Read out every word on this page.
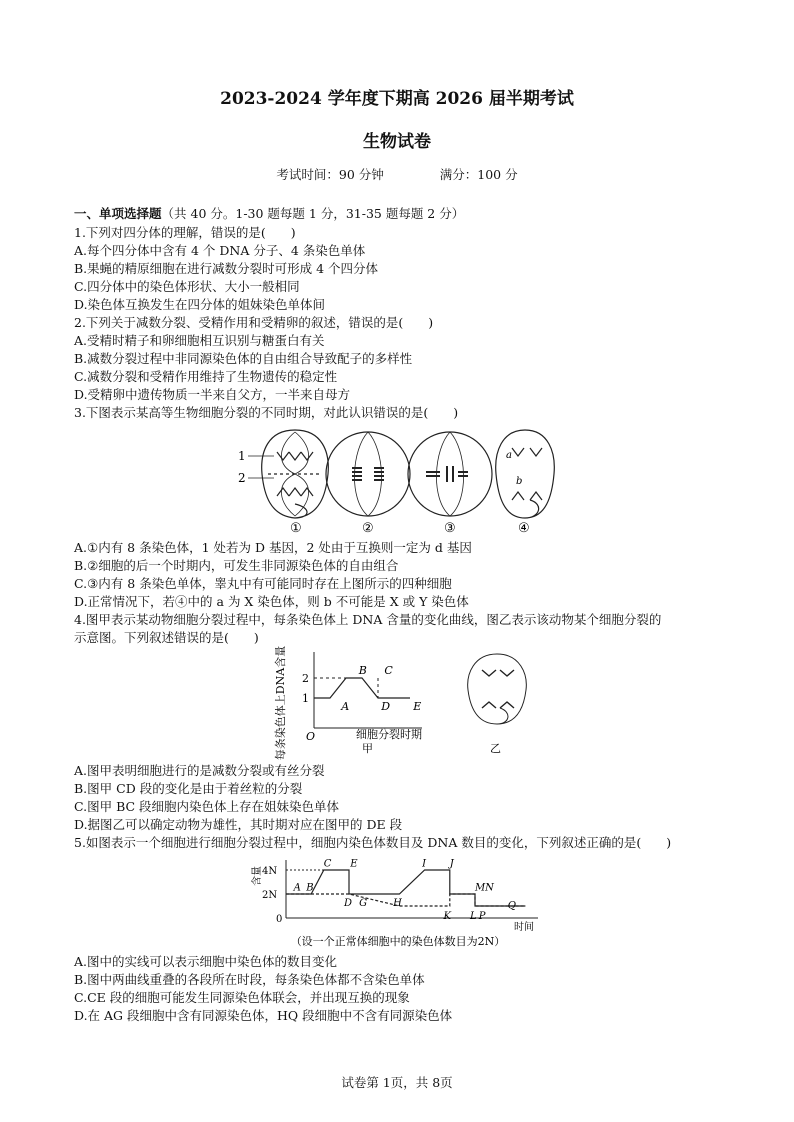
2023-2024 学年度下期高 2026 届半期考试
生物试卷
考试时间：90 分钟	满分：100 分
一、单项选择题（共 40 分。1-30 题每题 1 分，31-35 题每题 2 分）
1.下列对四分体的理解，错误的是(　　)
A.每个四分体中含有 4 个 DNA 分子、4 条染色单体
B.果蝇的精原细胞在进行减数分裂时可形成 4 个四分体
C.四分体中的染色体形状、大小一般相同
D.染色体互换发生在四分体的姐妹染色单体间
2.下列关于减数分裂、受精作用和受精卵的叙述，错误的是(　　)
A.受精时精子和卵细胞相互识别与糖蛋白有关
B.减数分裂过程中非同源染色体的自由组合导致配子的多样性
C.减数分裂和受精作用维持了生物遗传的稳定性
D.受精卵中遗传物质一半来自父方，一半来自母方
3.下图表示某高等生物细胞分裂的不同时期，对此认识错误的是(　　)
1
2
a
b
①	②	③	④
A.①内有 8 条染色体，1 处若为 D 基因，2 处由于互换则一定为 d 基因
B.②细胞的后一个时期内，可发生非同源染色体的自由组合
C.③内有 8 条染色单体，睾丸中有可能同时存在上图所示的四种细胞
D.正常情况下，若④中的 a 为 X 染色体，则 b 不可能是 X 或 Y 染色体
4.图甲表示某动物细胞分裂过程中，每条染色体上 DNA 含量的变化曲线，图乙表示该动物某个细胞分裂的
示意图。下列叙述错误的是(　　)
每条染色体上DNA含量 O
1
2
A
B C
D E
细胞分裂时期
甲	乙
A.图甲表明细胞进行的是减数分裂或有丝分裂
B.图甲 CD 段的变化是由于着丝粒的分裂
C.图甲 BC 段细胞内染色体上存在姐妹染色单体
D.据图乙可以确定动物为雄性，其时期对应在图甲的 DE 段
5.如图表示一个细胞进行细胞分裂过程中，细胞内染色体数目及 DNA 数目的变化，下列叙述正确的是(　　)
含量
0
时间
2N
4N
A B
C
D
E
G	H
I J
K L P
M N
Q
（设一个正常体细胞中的染色体数目为2N）
A.图中的实线可以表示细胞中染色体的数目变化
B.图中两曲线重叠的各段所在时段，每条染色体都不含染色单体
C.CE 段的细胞可能发生同源染色体联会，并出现互换的现象
D.在 AG 段细胞中含有同源染色体，HQ 段细胞中不含有同源染色体
试卷第 1页，共 8页
